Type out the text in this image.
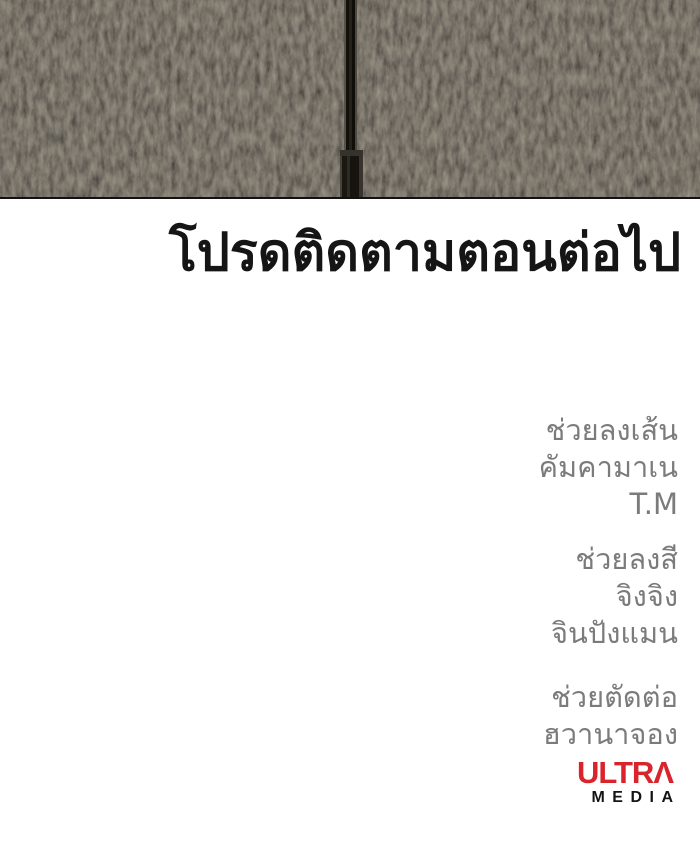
โปรดติดตามตอนต่อไป
ช่วยลงเส้น
คัมคามาเน
T.M
ช่วยลงสี
จิงจิง
จินปังแมน
ช่วยตัดต่อ
ฮวานาจอง
ULTRΛ
MEDIA
